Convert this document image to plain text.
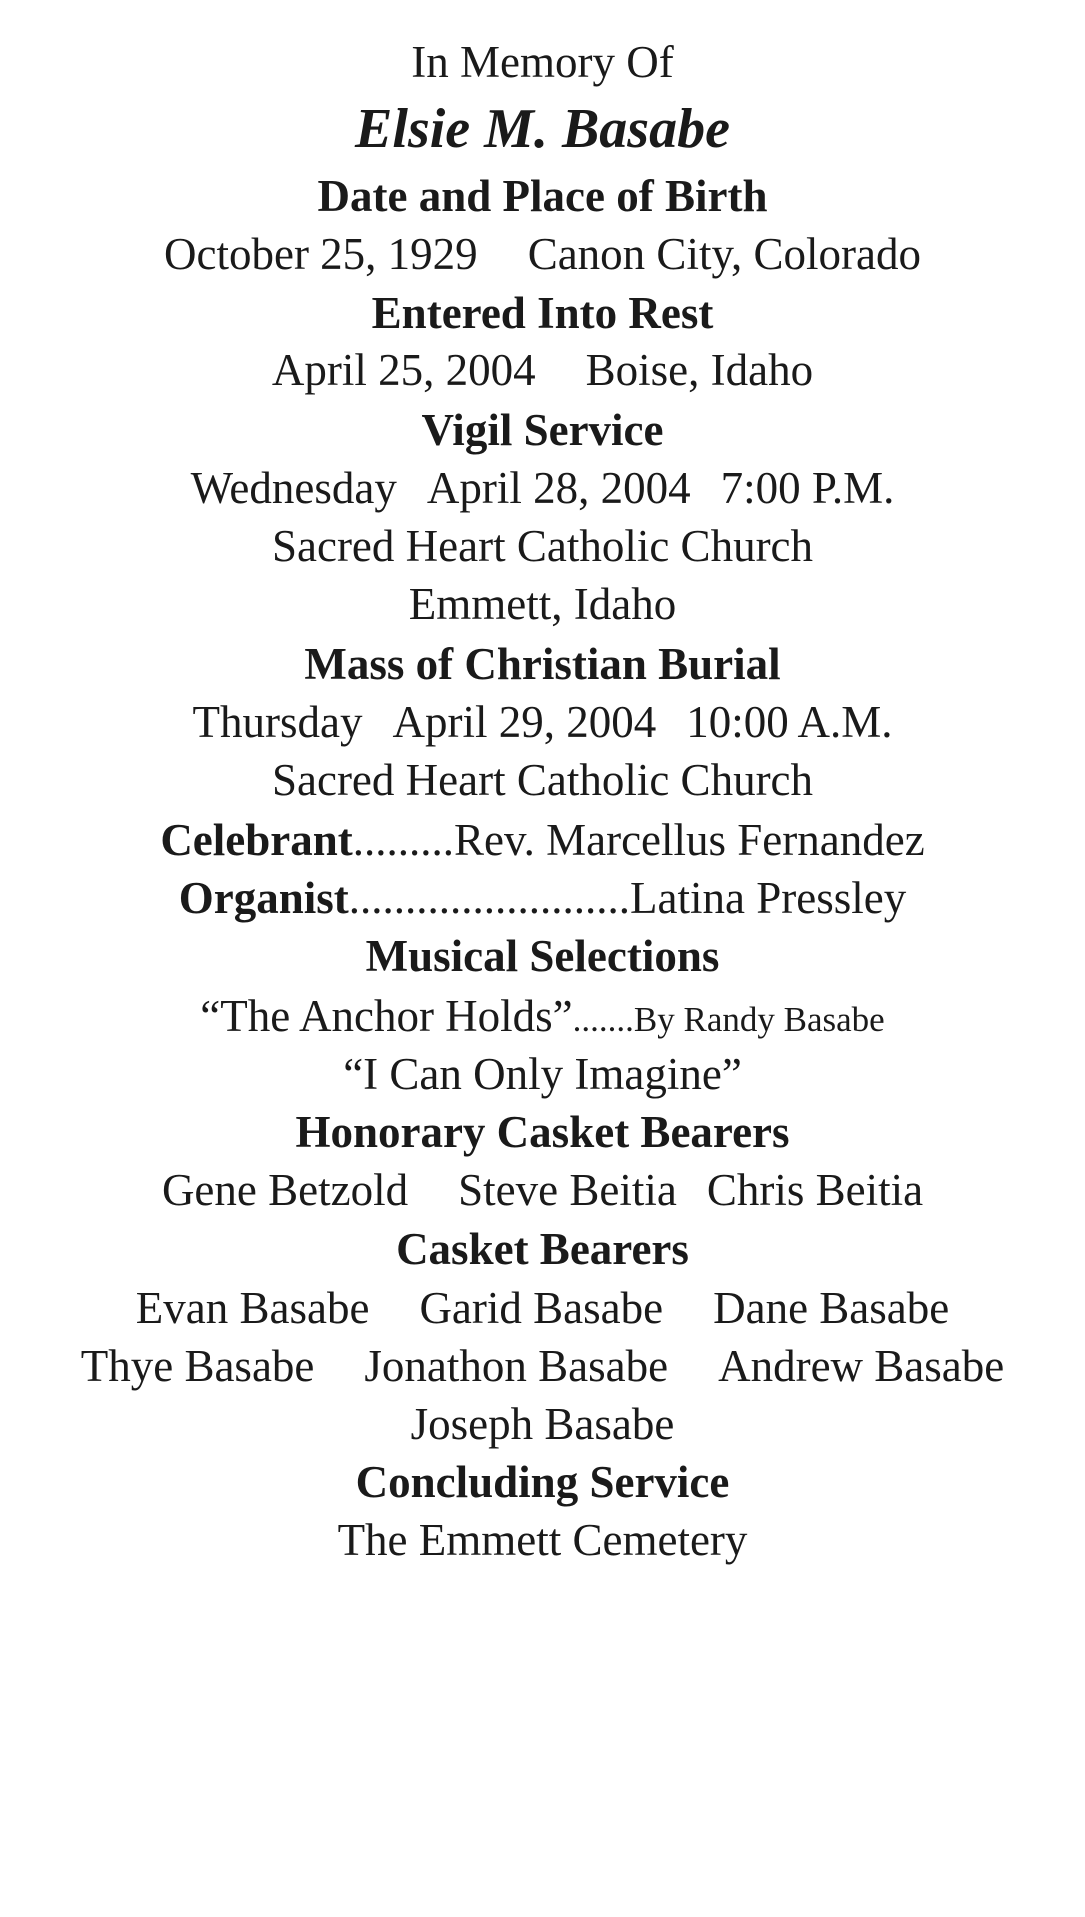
In Memory Of
Elsie M. Basabe
Date and Place of Birth
October 25, 1929 Canon City, Colorado
Entered Into Rest
April 25, 2004 Boise, Idaho
Vigil Service
Wednesday April 28, 2004 7:00 P.M.
Sacred Heart Catholic Church
Emmett, Idaho
Mass of Christian Burial
Thursday April 29, 2004 10:00 A.M.
Sacred Heart Catholic Church
Celebrant.........Rev. Marcellus Fernandez
Organist.........................Latina Pressley
Musical Selections
“The Anchor Holds”.......By Randy Basabe
“I Can Only Imagine”
Honorary Casket Bearers
Gene Betzold Steve Beitia Chris Beitia
Casket Bearers
Evan Basabe Garid Basabe Dane Basabe
Thye Basabe Jonathon Basabe Andrew Basabe
Joseph Basabe
Concluding Service
The Emmett Cemetery
